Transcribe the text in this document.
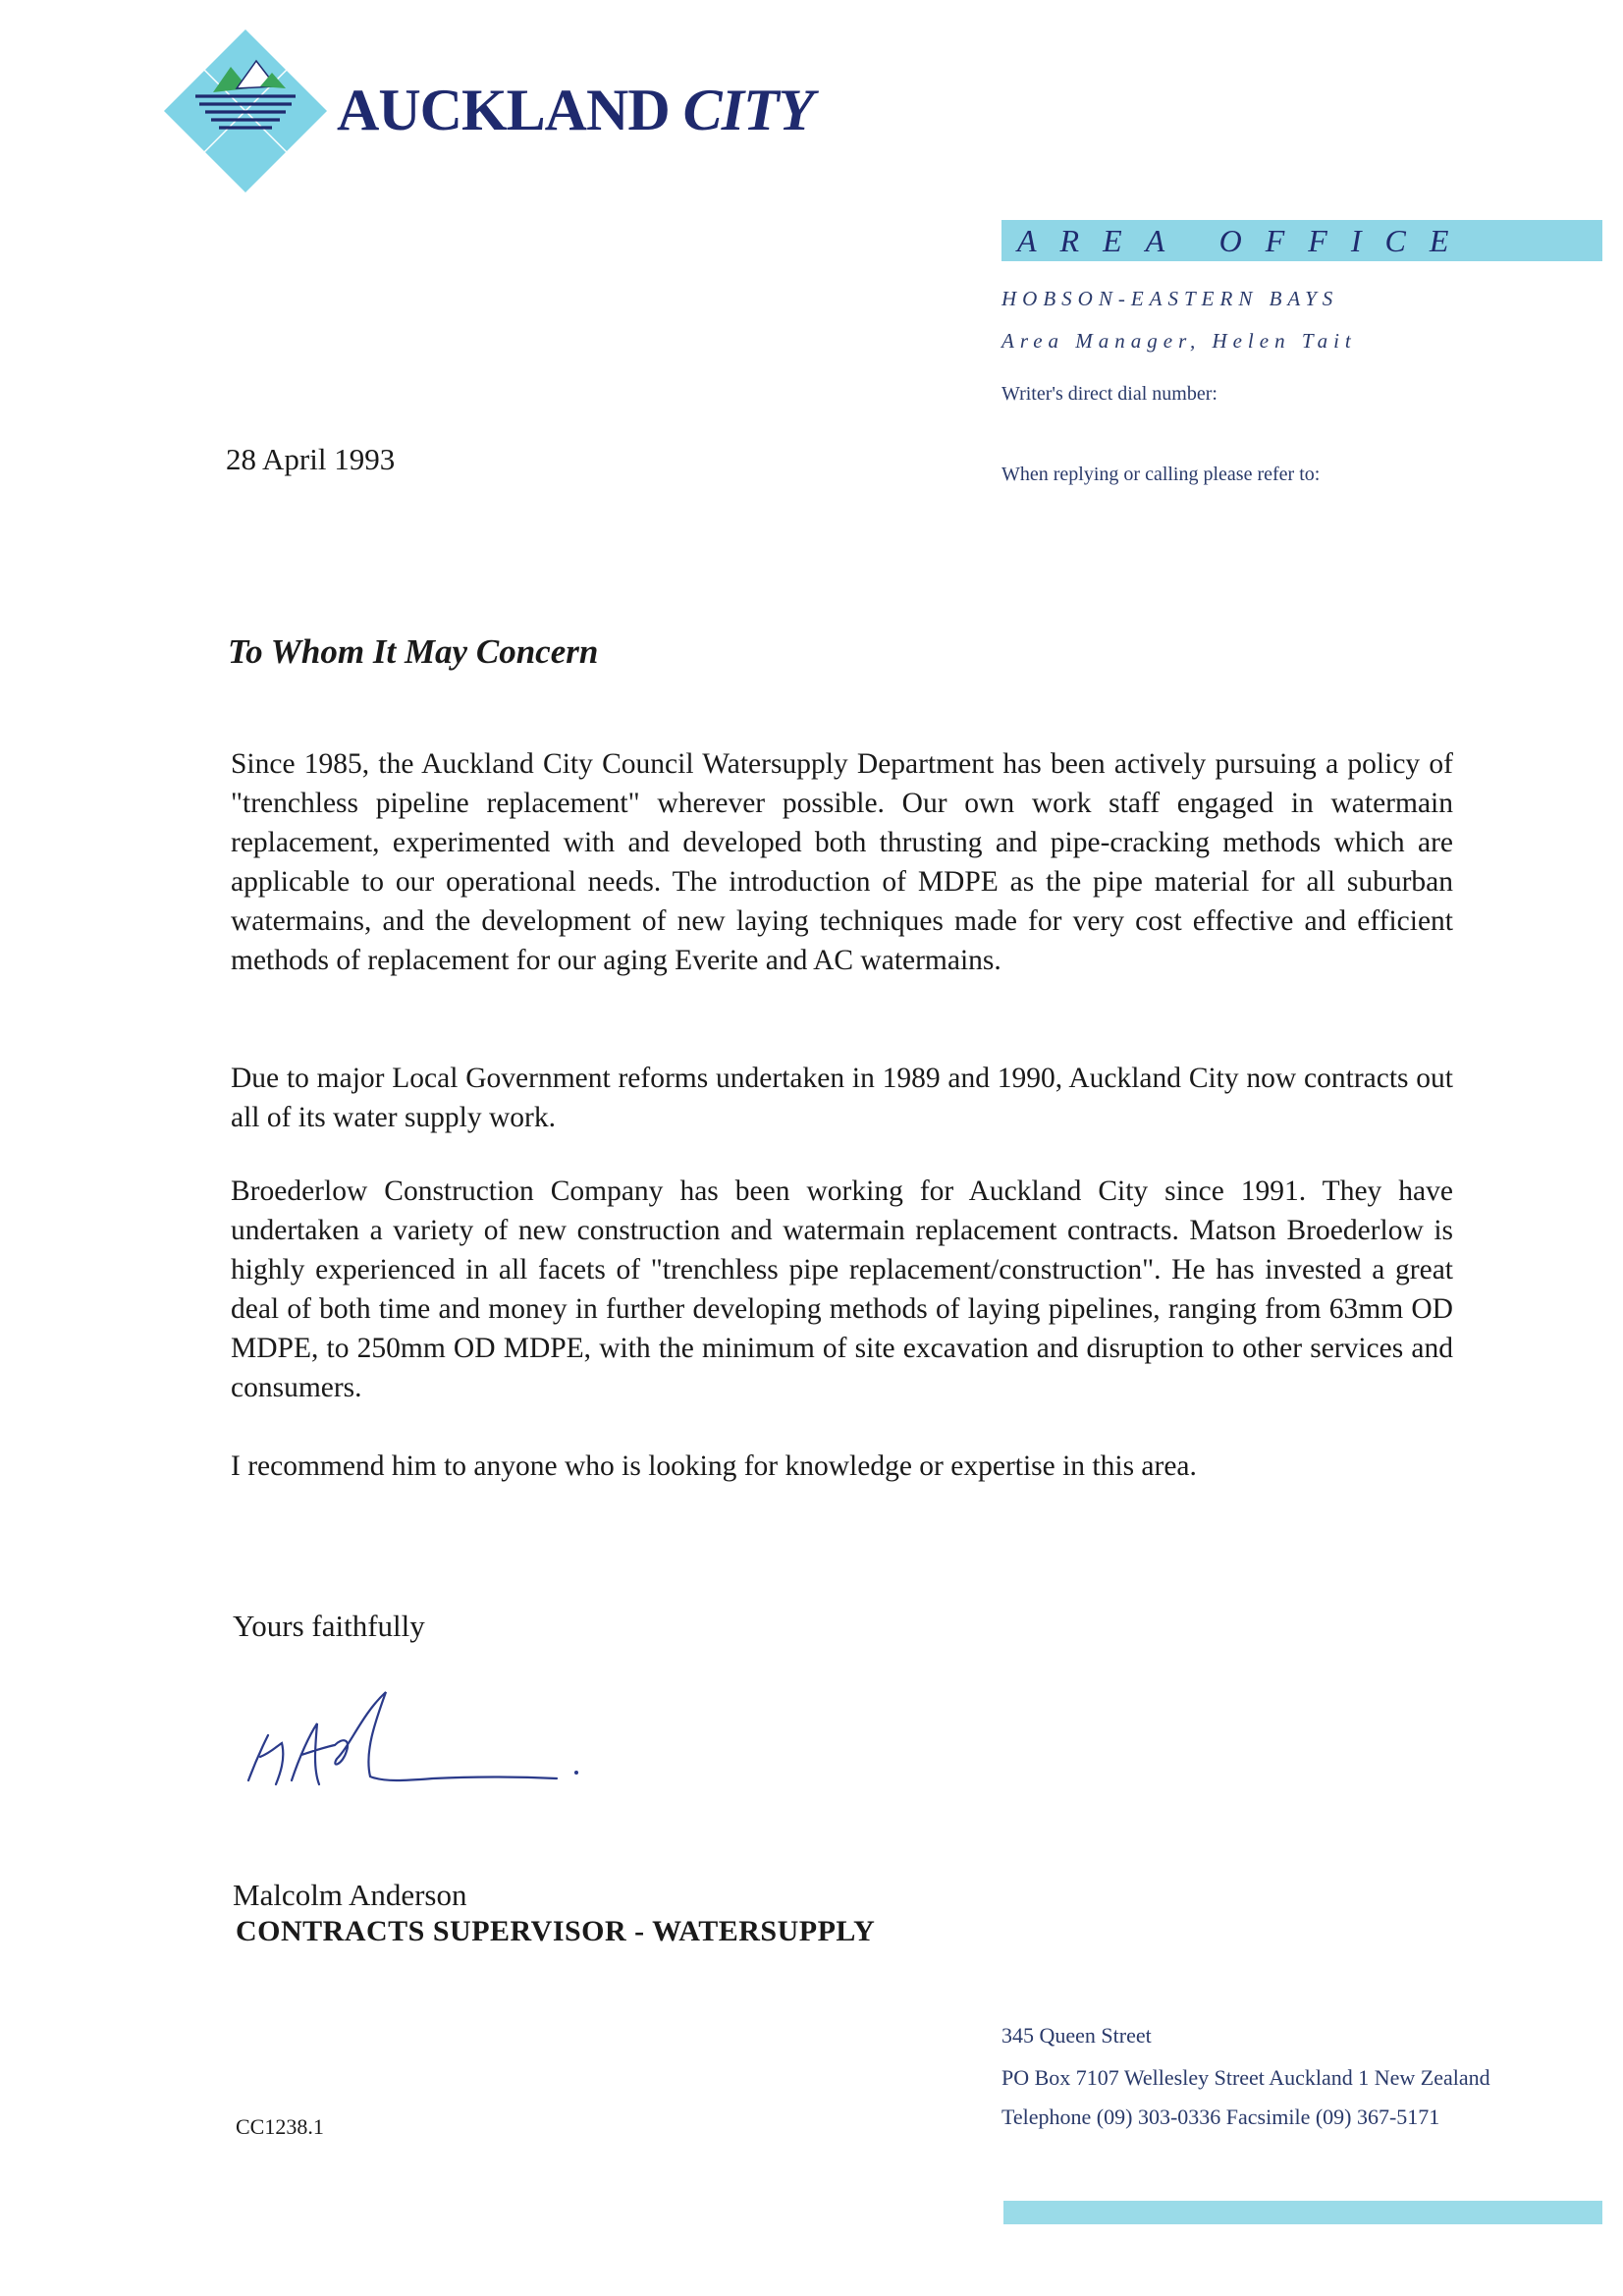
AUCKLAND CITY
AREA OFFICE
HOBSON-EASTERN BAYS
Area Manager, Helen Tait
Writer's direct dial number:
When replying or calling please refer to:
28 April 1993
To Whom It May Concern
Since 1985, the Auckland City Council Watersupply Department has been actively pursuing a policy of "trenchless pipeline replacement" wherever possible. Our own work staff engaged in watermain replacement, experimented with and developed both thrusting and pipe-cracking methods which are applicable to our operational needs. The introduction of MDPE as the pipe material for all suburban watermains, and the development of new laying techniques made for very cost effective and efficient methods of replacement for our aging Everite and AC watermains.
Due to major Local Government reforms undertaken in 1989 and 1990, Auckland City now contracts out all of its water supply work.
Broederlow Construction Company has been working for Auckland City since 1991. They have undertaken a variety of new construction and watermain replacement contracts. Matson Broederlow is highly experienced in all facets of "trenchless pipe replacement/construction". He has invested a great deal of both time and money in further developing methods of laying pipelines, ranging from 63mm OD MDPE, to 250mm OD MDPE, with the minimum of site excavation and disruption to other services and consumers.
I recommend him to anyone who is looking for knowledge or expertise in this area.
Yours faithfully
Malcolm Anderson
CONTRACTS SUPERVISOR - WATERSUPPLY
345 Queen Street
PO Box 7107 Wellesley Street Auckland 1 New Zealand
Telephone (09) 303-0336 Facsimile (09) 367-5171
CC1238.1
